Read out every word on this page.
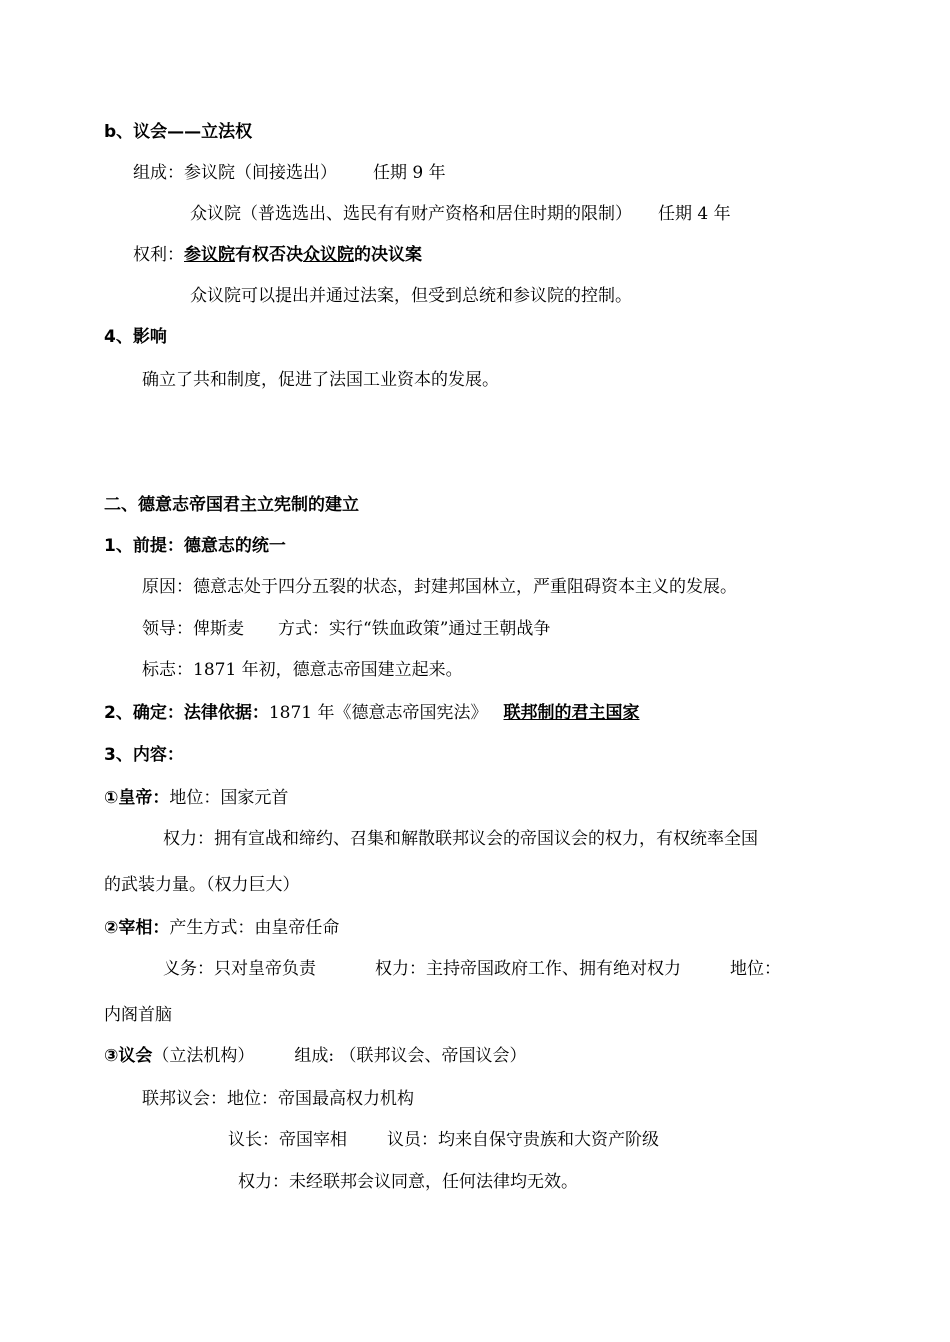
b、议会——立法权
组成：参议院（间接选出） 任期 9 年
众议院（普选选出、选民有有财产资格和居住时期的限制） 任期 4 年
权利：参议院有权否决众议院的决议案
众议院可以提出并通过法案，但受到总统和参议院的控制。
4、影响
确立了共和制度，促进了法国工业资本的发展。
二、德意志帝国君主立宪制的建立
1、前提：德意志的统一
原因：德意志处于四分五裂的状态，封建邦国林立，严重阻碍资本主义的发展。
领导：俾斯麦 方式：实行“铁血政策”通过王朝战争
标志：1871 年初，德意志帝国建立起来。
2、确定：法律依据：1871 年《德意志帝国宪法》 联邦制的君主国家
3、内容：
①皇帝：地位：国家元首
权力：拥有宣战和缔约、召集和解散联邦议会的帝国议会的权力，有权统率全国
的武装力量。（权力巨大）
②宰相：产生方式：由皇帝任命
义务：只对皇帝负责	权力：主持帝国政府工作、拥有绝对权力	地位：
内阁首脑
③议会（立法机构） 组成: （联邦议会、帝国议会）
联邦议会：地位：帝国最高权力机构
议长：帝国宰相 议员：均来自保守贵族和大资产阶级
权力：未经联邦会议同意，任何法律均无效。
